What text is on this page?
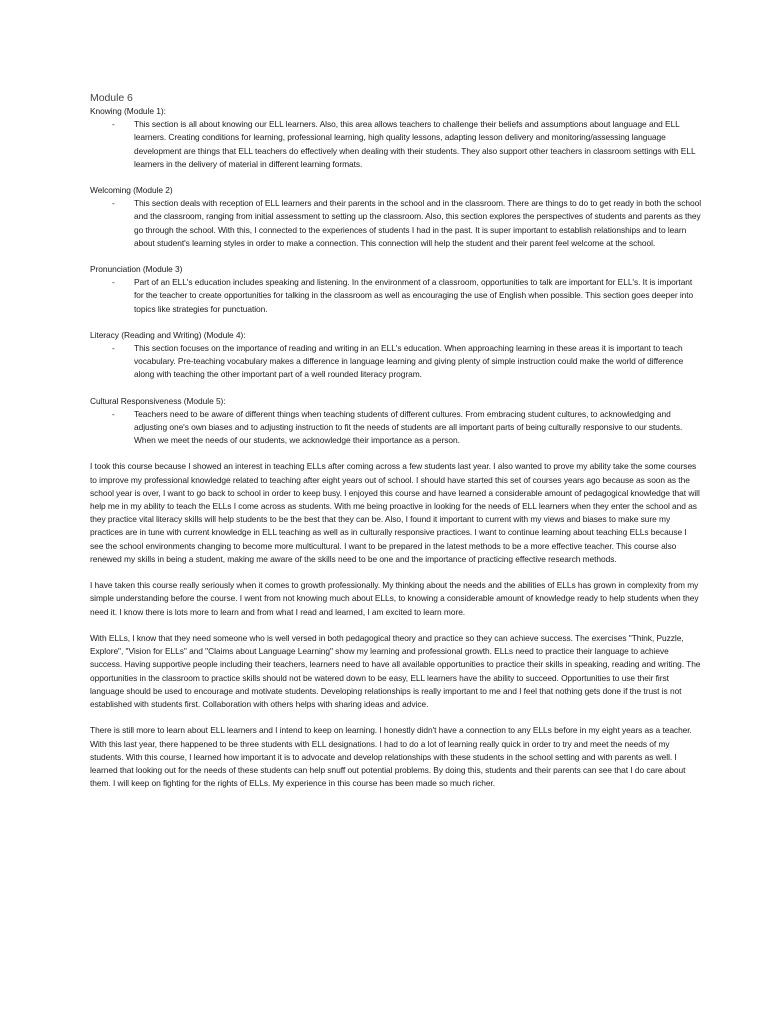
Module 6

Knowing (Module 1):

-	This section is all about knowing our ELL learners. Also, this area allows teachers to challenge their beliefs and assumptions about language and ELL learners. Creating conditions for learning, professional learning, high quality lessons, adapting lesson delivery and monitoring/assessing language development are things that ELL teachers do effectively when dealing with their students. They also support other teachers in classroom settings with ELL learners in the delivery of material in different learning formats.

Welcoming (Module 2)

-	This section deals with reception of ELL learners and their parents in the school and in the classroom. There are things to do to get ready in both the school and the classroom, ranging from initial assessment to setting up the classroom. Also, this section explores the perspectives of students and parents as they go through the school. With this, I connected to the experiences of students I had in the past. It is super important to establish relationships and to learn about student's learning styles in order to make a connection. This connection will help the student and their parent feel welcome at the school.

Pronunciation (Module 3)

-	Part of an ELL's education includes speaking and listening. In the environment of a classroom, opportunities to talk are important for ELL's. It is important for the teacher to create opportunities for talking in the classroom as well as encouraging the use of English when possible. This section goes deeper into topics like strategies for punctuation.

Literacy (Reading and Writing) (Module 4):

-	This section focuses on the importance of reading and writing in an ELL's education. When approaching learning in these areas it is important to teach vocabulary. Pre-teaching vocabulary makes a difference in language learning and giving plenty of simple instruction could make the world of difference along with teaching the other important part of a well rounded literacy program.

Cultural Responsiveness (Module 5):

-	Teachers need to be aware of different things when teaching students of different cultures. From embracing student cultures, to acknowledging and adjusting one's own biases and to adjusting instruction to fit the needs of students are all important parts of being culturally responsive to our students. When we meet the needs of our students, we acknowledge their importance as a person.

I took this course because I showed an interest in teaching ELLs after coming across a few students last year. I also wanted to prove my ability take the some courses to improve my professional knowledge related to teaching after eight years out of school. I should have started this set of courses years ago because as soon as the school year is over, I want to go back to school in order to keep busy. I enjoyed this course and have learned a considerable amount of pedagogical knowledge that will help me in my ability to teach the ELLs I come across as students. With me being proactive in looking for the needs of ELL learners when they enter the school and as they practice vital literacy skills will help students to be the best that they can be. Also, I found it important to current with my views and biases to make sure my practices are in tune with current knowledge in ELL teaching as well as in culturally responsive practices. I want to continue learning about teaching ELLs because I see the school environments changing to become more multicultural. I want to be prepared in the latest methods to be a more effective teacher. This course also renewed my skills in being a student, making me aware of the skills need to be one and the importance of practicing effective research methods.

I have taken this course really seriously when it comes to growth professionally. My thinking about the needs and the abilities of ELLs has grown in complexity from my simple understanding before the course. I went from not knowing much about ELLs, to knowing a considerable amount of knowledge ready to help students when they need it. I know there is lots more to learn and from what I read and learned, I am excited to learn more.

With ELLs, I know that they need someone who is well versed in both pedagogical theory and practice so they can achieve success. The exercises "Think, Puzzle, Explore", "Vision for ELLs" and "Claims about Language Learning" show my learning and professional growth. ELLs need to practice their language to achieve success. Having supportive people including their teachers, learners need to have all available opportunities to practice their skills in speaking, reading and writing. The opportunities in the classroom to practice skills should not be watered down to be easy, ELL learners have the ability to succeed. Opportunities to use their first language should be used to encourage and motivate students. Developing relationships is really important to me and I feel that nothing gets done if the trust is not established with students first. Collaboration with others helps with sharing ideas and advice.

There is still more to learn about ELL learners and I intend to keep on learning. I honestly didn't have a connection to any ELLs before in my eight years as a teacher. With this last year, there happened to be three students with ELL designations. I had to do a lot of learning really quick in order to try and meet the needs of my students. With this course, I learned how important it is to advocate and develop relationships with these students in the school setting and with parents as well. I learned that looking out for the needs of these students can help snuff out potential problems. By doing this, students and their parents can see that I do care about them. I will keep on fighting for the rights of ELLs. My experience in this course has been made so much richer.
